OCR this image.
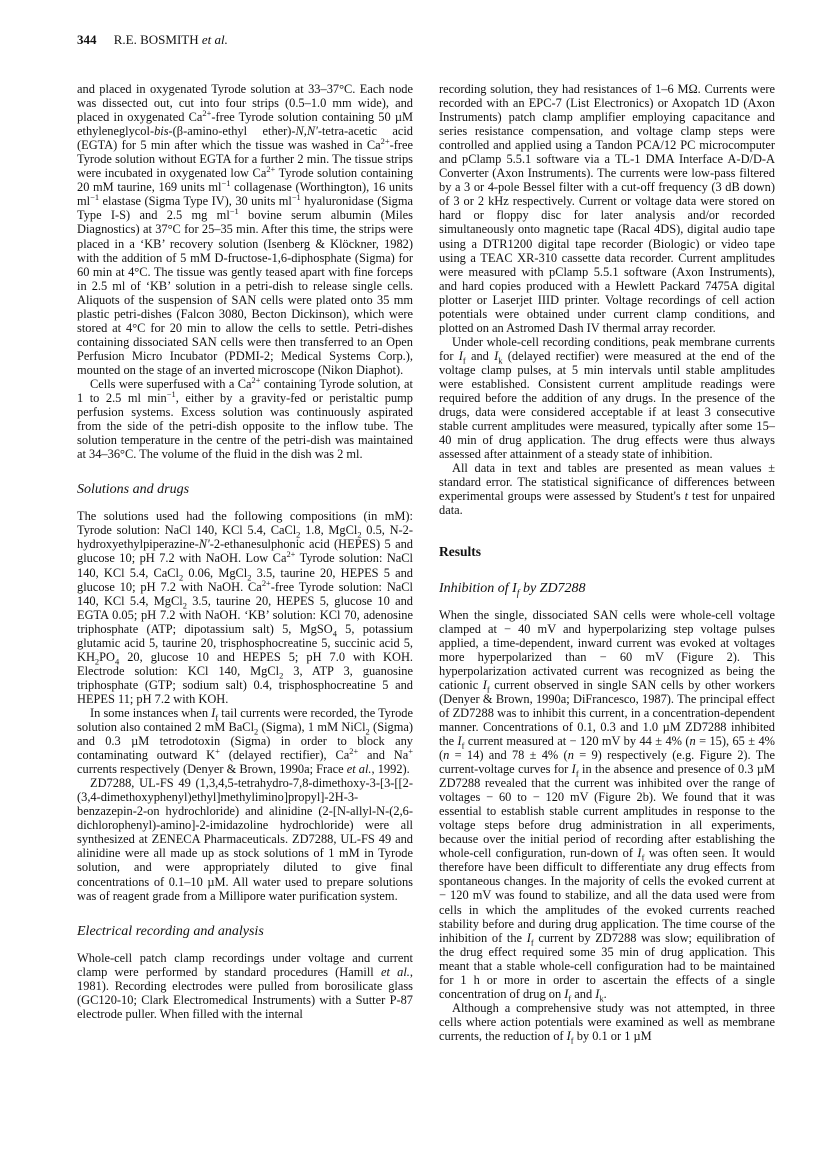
344 R.E. BOSMITH et al.

and placed in oxygenated Tyrode solution at 33–37°C. Each node was dissected out, cut into four strips (0.5–1.0 mm wide), and placed in oxygenated $Ca^{2+}$-free Tyrode solution containing 50 µM ethyleneglycol-bis-(β-amino-ethyl ether)-N,N'-tetra-acetic acid (EGTA) for 5 min after which the tissue was washed in $Ca^{2+}$-free Tyrode solution without EGTA for a further 2 min. The tissue strips were incubated in oxygenated low $Ca^{2+}$ Tyrode solution containing 20 mM taurine, 169 units $ml^{-1}$ collagenase (Worthington), 16 units $ml^{-1}$ elastase (Sigma Type IV), 30 units $ml^{-1}$ hyaluronidase (Sigma Type I-S) and 2.5 mg $ml^{-1}$ bovine serum albumin (Miles Diagnostics) at 37°C for 25–35 min. After this time, the strips were placed in a ‘KB’ recovery solution (Isenberg & Klöckner, 1982) with the addition of 5 mM D-fructose-1,6-diphosphate (Sigma) for 60 min at 4°C. The tissue was gently teased apart with fine forceps in 2.5 ml of ‘KB’ solution in a petri-dish to release single cells. Aliquots of the suspension of SAN cells were plated onto 35 mm plastic petri-dishes (Falcon 3080, Becton Dickinson), which were stored at 4°C for 20 min to allow the cells to settle. Petri-dishes containing dissociated SAN cells were then transferred to an Open Perfusion Micro Incubator (PDMI-2; Medical Systems Corp.), mounted on the stage of an inverted microscope (Nikon Diaphot).

Cells were superfused with a $Ca^{2+}$ containing Tyrode solution, at 1 to 2.5 ml $\min^{-1}$, either by a gravity-fed or peristaltic pump perfusion systems. Excess solution was continuously aspirated from the side of the petri-dish opposite to the inflow tube. The solution temperature in the centre of the petri-dish was maintained at 34–36°C. The volume of the fluid in the dish was 2 ml.

Solutions and drugs

The solutions used had the following compositions (in mM): Tyrode solution: NaCl 140, KCl 5.4, CaCl$_2$ 1.8, MgCl$_2$ 0.5, N-2-hydroxyethylpiperazine-N'-2-ethanesulphonic acid (HEPES) 5 and glucose 10; pH 7.2 with NaOH. Low $Ca^{2+}$ Tyrode solution: NaCl 140, KCl 5.4, CaCl$_2$ 0.06, MgCl$_2$ 3.5, taurine 20, HEPES 5 and glucose 10; pH 7.2 with NaOH. $Ca^{2+}$-free Tyrode solution: NaCl 140, KCl 5.4, MgCl$_2$ 3.5, taurine 20, HEPES 5, glucose 10 and EGTA 0.05; pH 7.2 with NaOH. ‘KB’ solution: KCl 70, adenosine triphosphate (ATP; dipotassium salt) 5, MgSO$_4$ 5, potassium glutamic acid 5, taurine 20, trisphosphocreatine 5, succinic acid 5, $KH_2PO_4$ 20, glucose 10 and HEPES 5; pH 7.0 with KOH. Electrode solution: KCl 140, MgCl$_2$ 3, ATP 3, guanosine triphosphate (GTP; sodium salt) 0.4, trisphosphocreatine 5 and HEPES 11; pH 7.2 with KOH.

In some instances when $I_f$ tail currents were recorded, the Tyrode solution also contained 2 mM BaCl$_2$ (Sigma), 1 mM NiCl$_2$ (Sigma) and 0.3 µM tetrodotoxin (Sigma) in order to block any contaminating outward K+ (delayed rectifier), $Ca^{2+}$ and Na+ currents respectively (Denyer & Brown, 1990a; Frace et al., 1992).

ZD7288, UL-FS 49 (1,3,4,5-tetrahydro-7,8-dimethoxy-3-[3-[[2-(3,4-dimethoxyphenyl)ethyl]methylimino]propyl]-2H-3-benzazepin-2-on hydrochloride) and alinidine (2-[N-allyl-N-(2,6-dichlorophenyl)-amino]-2-imidazoline hydrochloride) were all synthesized at ZENECA Pharmaceuticals. ZD7288, UL-FS 49 and alinidine were all made up as stock solutions of 1 mM in Tyrode solution, and were appropriately diluted to give final concentrations of 0.1–10 µM. All water used to prepare solutions was of reagent grade from a Millipore water purification system.

Electrical recording and analysis

Whole-cell patch clamp recordings under voltage and current clamp were performed by standard procedures (Hamill et al., 1981). Recording electrodes were pulled from borosilicate glass (GC120-10; Clark Electromedical Instruments) with a Sutter P-87 electrode puller. When filled with the internal

recording solution, they had resistances of 1–6 MΩ. Currents were recorded with an EPC-7 (List Electronics) or Axopatch 1D (Axon Instruments) patch clamp amplifier employing capacitance and series resistance compensation, and voltage clamp steps were controlled and applied using a Tandon PCA/12 PC microcomputer and pClamp 5.5.1 software via a TL-1 DMA Interface A-D/D-A Converter (Axon Instruments). The currents were low-pass filtered by a 3 or 4-pole Bessel filter with a cut-off frequency (3 dB down) of 3 or 2 kHz respectively. Current or voltage data were stored on hard or floppy disc for later analysis and/or recorded simultaneously onto magnetic tape (Racal 4DS), digital audio tape using a DTR1200 digital tape recorder (Biologic) or video tape using a TEAC XR-310 cassette data recorder. Current amplitudes were measured with pClamp 5.5.1 software (Axon Instruments), and hard copies produced with a Hewlett Packard 7475A digital plotter or Laserjet IIID printer. Voltage recordings of cell action potentials were obtained under current clamp conditions, and plotted on an Astromed Dash IV thermal array recorder.

Under whole-cell recording conditions, peak membrane currents for $I_f$ and $I_k$ (delayed rectifier) were measured at the end of the voltage clamp pulses, at 5 min intervals until stable amplitudes were established. Consistent current amplitude readings were required before the addition of any drugs. In the presence of the drugs, data were considered acceptable if at least 3 consecutive stable current amplitudes were measured, typically after some 15–40 min of drug application. The drug effects were thus always assessed after attainment of a steady state of inhibition.

All data in text and tables are presented as mean values ± standard error. The statistical significance of differences between experimental groups were assessed by Student's t test for unpaired data.

Results
Inhibition of $I_f$ by ZD7288

When the single, dissociated SAN cells were whole-cell voltage clamped at − 40 mV and hyperpolarizing step voltage pulses applied, a time-dependent, inward current was evoked at voltages more hyperpolarized than − 60 mV (Figure 2). This hyperpolarization activated current was recognized as being the cationic $I_f$ current observed in single SAN cells by other workers (Denyer & Brown, 1990a; DiFrancesco, 1987). The principal effect of ZD7288 was to inhibit this current, in a concentration-dependent manner. Concentrations of 0.1, 0.3 and 1.0 µM ZD7288 inhibited the $I_f$ current measured at − 120 mV by 44 ± 4% (n = 15), 65 ± 4% (n = 14) and 78 ± 4% (n = 9) respectively (e.g. Figure 2). The current-voltage curves for $I_f$ in the absence and presence of 0.3 µM ZD7288 revealed that the current was inhibited over the range of voltages − 60 to − 120 mV (Figure 2b). We found that it was essential to establish stable current amplitudes in response to the voltage steps before drug administration in all experiments, because over the initial period of recording after establishing the whole-cell configuration, run-down of $I_f$ was often seen. It would therefore have been difficult to differentiate any drug effects from spontaneous changes. In the majority of cells the evoked current at − 120 mV was found to stabilize, and all the data used were from cells in which the amplitudes of the evoked currents reached stability before and during drug application. The time course of the inhibition of the $I_f$ current by ZD7288 was slow; equilibration of the drug effect required some 35 min of drug application. This meant that a stable whole-cell configuration had to be maintained for 1 h or more in order to ascertain the effects of a single concentration of drug on $I_f$ and $I_k$.

Although a comprehensive study was not attempted, in three cells where action potentials were examined as well as membrane currents, the reduction of $I_f$ by 0.1 or 1 µM
